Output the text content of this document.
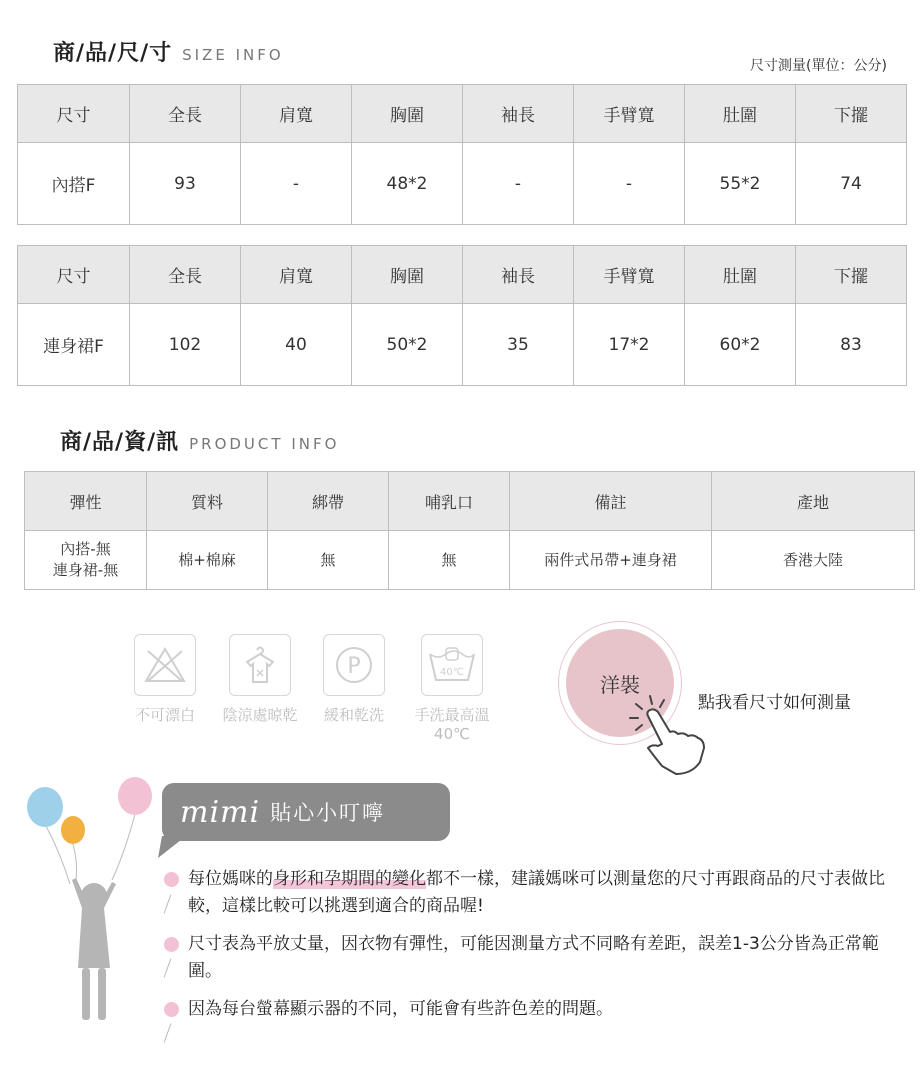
商/品/尺/寸 SIZE INFO
尺寸測量(單位：公分)
尺寸	全長	肩寬	胸圍	袖長	手臂寬	肚圍	下擺
內搭F	93	-	48*2	-	-	55*2	74
尺寸	全長	肩寬	胸圍	袖長	手臂寬	肚圍	下擺
連身裙F	102	40	50*2	35	17*2	60*2	83
商/品/資/訊 PRODUCT INFO
彈性	質料	綁帶	哺乳口	備註	產地

內搭-無
連身裙-無	棉+棉麻	無	無	兩件式吊帶+連身裙	香港大陸
不可漂白	陰涼處晾乾
P
緩和乾洗
40℃
手洗最高溫
40℃
洋裝
點我看尺寸如何測量
mimi 貼心小叮嚀
每位媽咪的身形和孕期間的變化都不一樣，建議媽咪可以測量您的尺寸再跟商品的尺寸表做比較，這樣比較可以挑選到適合的商品喔!
尺寸表為平放丈量，因衣物有彈性，可能因測量方式不同略有差距，誤差1-3公分皆為正常範圍。
因為每台螢幕顯示器的不同，可能會有些許色差的問題。
